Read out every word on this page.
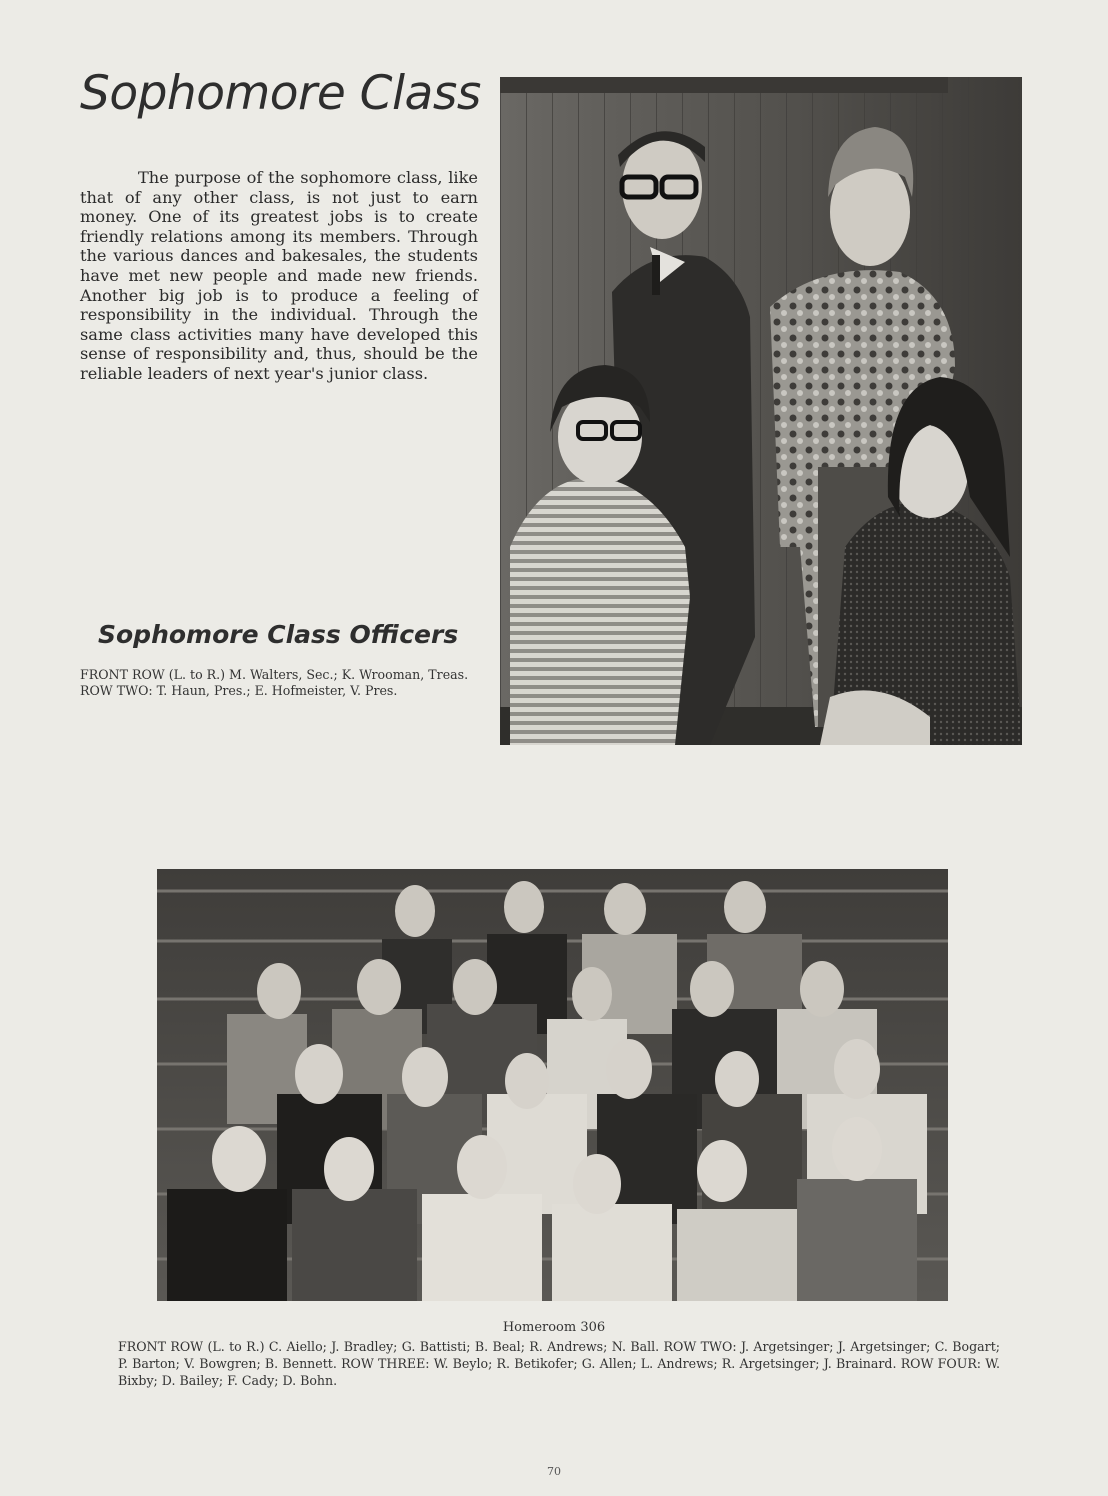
Sophomore Class

The purpose of the sophomore class, like that of any other class, is not just to earn money. One of its greatest jobs is to create friendly relations among its members. Through the various dances and bakesales, the students have met new people and made new friends. Another big job is to produce a feeling of responsibility in the individual. Through the same class activities many have developed this sense of responsibility and, thus, should be the reliable leaders of next year's junior class.

Sophomore Class Officers

FRONT ROW (L. to R.) M. Walters, Sec.; K. Wrooman, Treas. ROW TWO: T. Haun, Pres.; E. Hofmeister, V. Pres.

Homeroom 306

FRONT ROW (L. to R.) C. Aiello; J. Bradley; G. Battisti; B. Beal; R. Andrews; N. Ball. ROW TWO: J. Argetsinger; J. Argetsinger; C. Bogart; P. Barton; V. Bowgren; B. Bennett. ROW THREE: W. Beylo; R. Betikofer; G. Allen; L. Andrews; R. Argetsinger; J. Brainard. ROW FOUR: W. Bixby; D. Bailey; F. Cady; D. Bohn.

70
